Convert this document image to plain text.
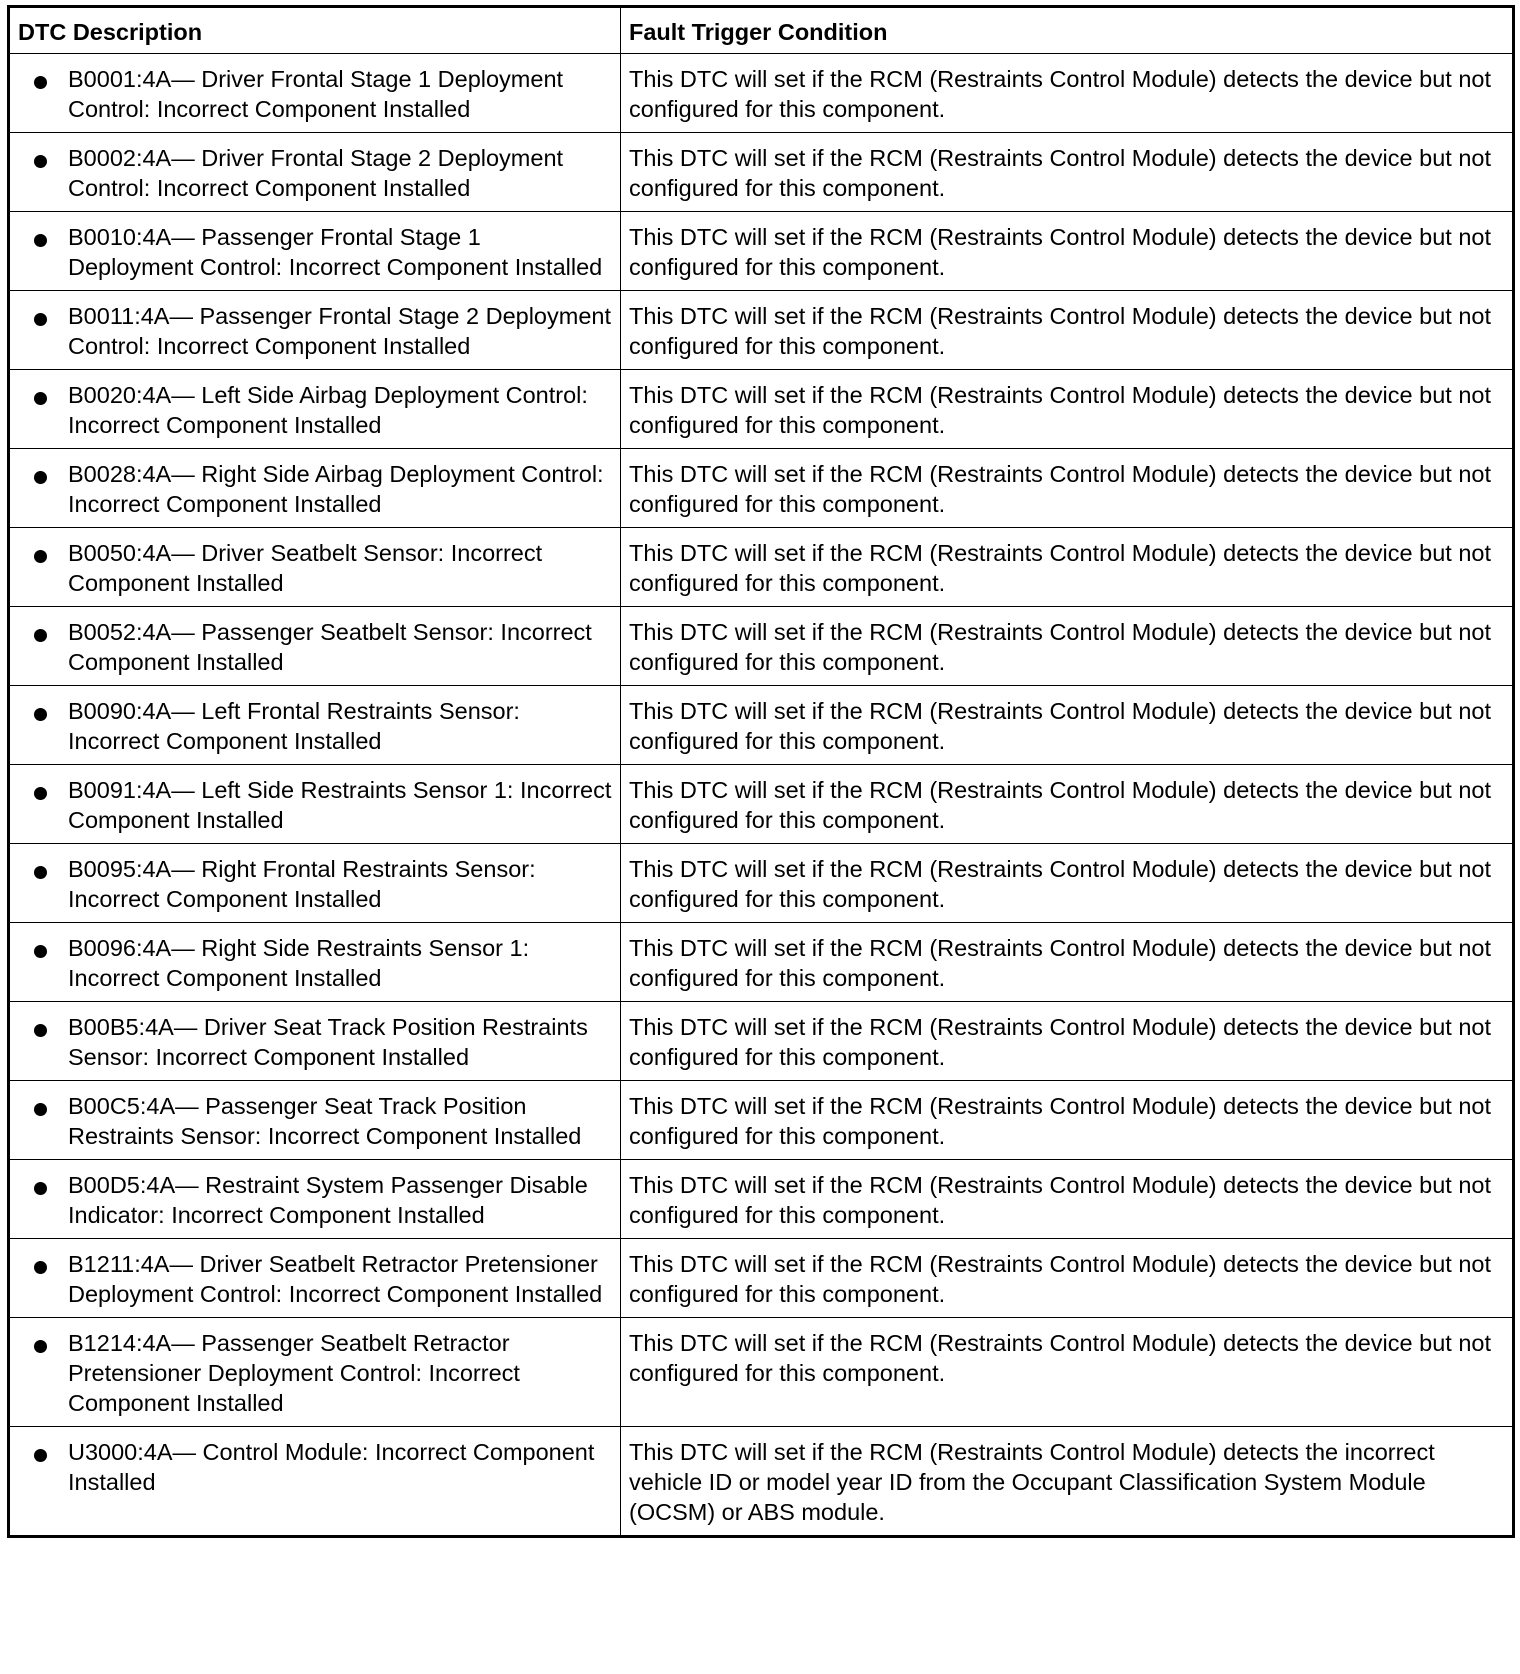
DTC Description	Fault Trigger Condition

B0001:4A— Driver Frontal Stage 1 Deployment Control: Incorrect Component Installed	This DTC will set if the RCM (Restraints Control Module) detects the device but not configured for this component.

B0002:4A— Driver Frontal Stage 2 Deployment Control: Incorrect Component Installed	This DTC will set if the RCM (Restraints Control Module) detects the device but not configured for this component.

B0010:4A— Passenger Frontal Stage 1 Deployment Control: Incorrect Component Installed	This DTC will set if the RCM (Restraints Control Module) detects the device but not configured for this component.

B0011:4A— Passenger Frontal Stage 2 Deployment Control: Incorrect Component Installed	This DTC will set if the RCM (Restraints Control Module) detects the device but not configured for this component.

B0020:4A— Left Side Airbag Deployment Control: Incorrect Component Installed	This DTC will set if the RCM (Restraints Control Module) detects the device but not configured for this component.

B0028:4A— Right Side Airbag Deployment Control: Incorrect Component Installed	This DTC will set if the RCM (Restraints Control Module) detects the device but not configured for this component.

B0050:4A— Driver Seatbelt Sensor: Incorrect Component Installed	This DTC will set if the RCM (Restraints Control Module) detects the device but not configured for this component.

B0052:4A— Passenger Seatbelt Sensor: Incorrect Component Installed	This DTC will set if the RCM (Restraints Control Module) detects the device but not configured for this component.

B0090:4A— Left Frontal Restraints Sensor: Incorrect Component Installed	This DTC will set if the RCM (Restraints Control Module) detects the device but not configured for this component.

B0091:4A— Left Side Restraints Sensor 1: Incorrect Component Installed	This DTC will set if the RCM (Restraints Control Module) detects the device but not configured for this component.

B0095:4A— Right Frontal Restraints Sensor: Incorrect Component Installed	This DTC will set if the RCM (Restraints Control Module) detects the device but not configured for this component.

B0096:4A— Right Side Restraints Sensor 1: Incorrect Component Installed	This DTC will set if the RCM (Restraints Control Module) detects the device but not configured for this component.

B00B5:4A— Driver Seat Track Position Restraints Sensor: Incorrect Component Installed	This DTC will set if the RCM (Restraints Control Module) detects the device but not configured for this component.

B00C5:4A— Passenger Seat Track Position Restraints Sensor: Incorrect Component Installed	This DTC will set if the RCM (Restraints Control Module) detects the device but not configured for this component.

B00D5:4A— Restraint System Passenger Disable Indicator: Incorrect Component Installed	This DTC will set if the RCM (Restraints Control Module) detects the device but not configured for this component.

B1211:4A— Driver Seatbelt Retractor Pretensioner Deployment Control: Incorrect Component Installed	This DTC will set if the RCM (Restraints Control Module) detects the device but not configured for this component.

B1214:4A— Passenger Seatbelt Retractor Pretensioner Deployment Control: Incorrect Component Installed	This DTC will set if the RCM (Restraints Control Module) detects the device but not configured for this component.

U3000:4A— Control Module: Incorrect Component Installed	This DTC will set if the RCM (Restraints Control Module) detects the incorrect vehicle ID or model year ID from the Occupant Classification System Module (OCSM) or ABS module.
